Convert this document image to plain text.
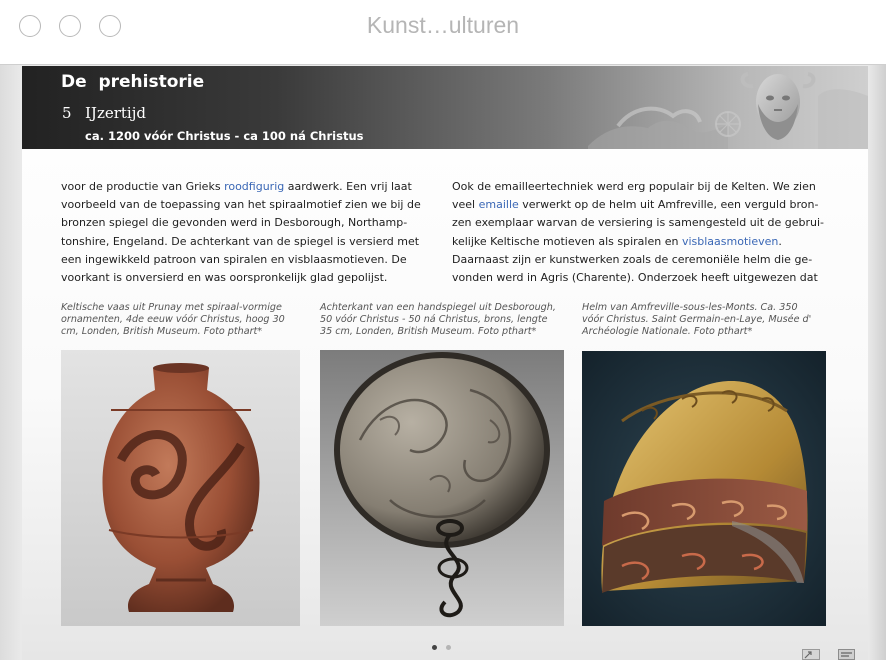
Kunst…ulturen
De  prehistorie
5 IJzertijd
ca. 1200 vóór Christus - ca 100 ná Christus
voor de productie van Grieks roodfigurig aardwerk. Een vrij laat
voorbeeld van de toepassing van het spiraalmotief zien we bij de
bronzen spiegel die gevonden werd in Desborough, Northamp-
tonshire, Engeland. De achterkant van de spiegel is versierd met
een ingewikkeld patroon van spiralen en visblaasmotieven. De
voorkant is onversierd en was oorspronkelijk glad gepolijst.
Ook de emailleertechniek werd erg populair bij de Kelten. We zien
veel emaille verwerkt op de helm uit Amfreville, een verguld bron-
zen exemplaar warvan de versiering is samengesteld uit de gebrui-
kelijke Keltische motieven als spiralen en visblaasmotieven.
Daarnaast zijn er kunstwerken zoals de ceremoniële helm die ge-
vonden werd in Agris (Charente). Onderzoek heeft uitgewezen dat
Keltische vaas uit Prunay met spiraal-vormige
ornamenten, 4de eeuw vóór Christus, hoog 30
cm, Londen, British Museum. Foto pthart*
Achterkant van een handspiegel uit Desborough,
50 vóór Christus - 50 ná Christus, brons, lengte
35 cm, Londen, British Museum. Foto pthart*
Helm van Amfreville-sous-les-Monts. Ca. 350
vóór Christus. Saint Germain-en-Laye, Musée d'
Archéologie Nationale. Foto pthart*
